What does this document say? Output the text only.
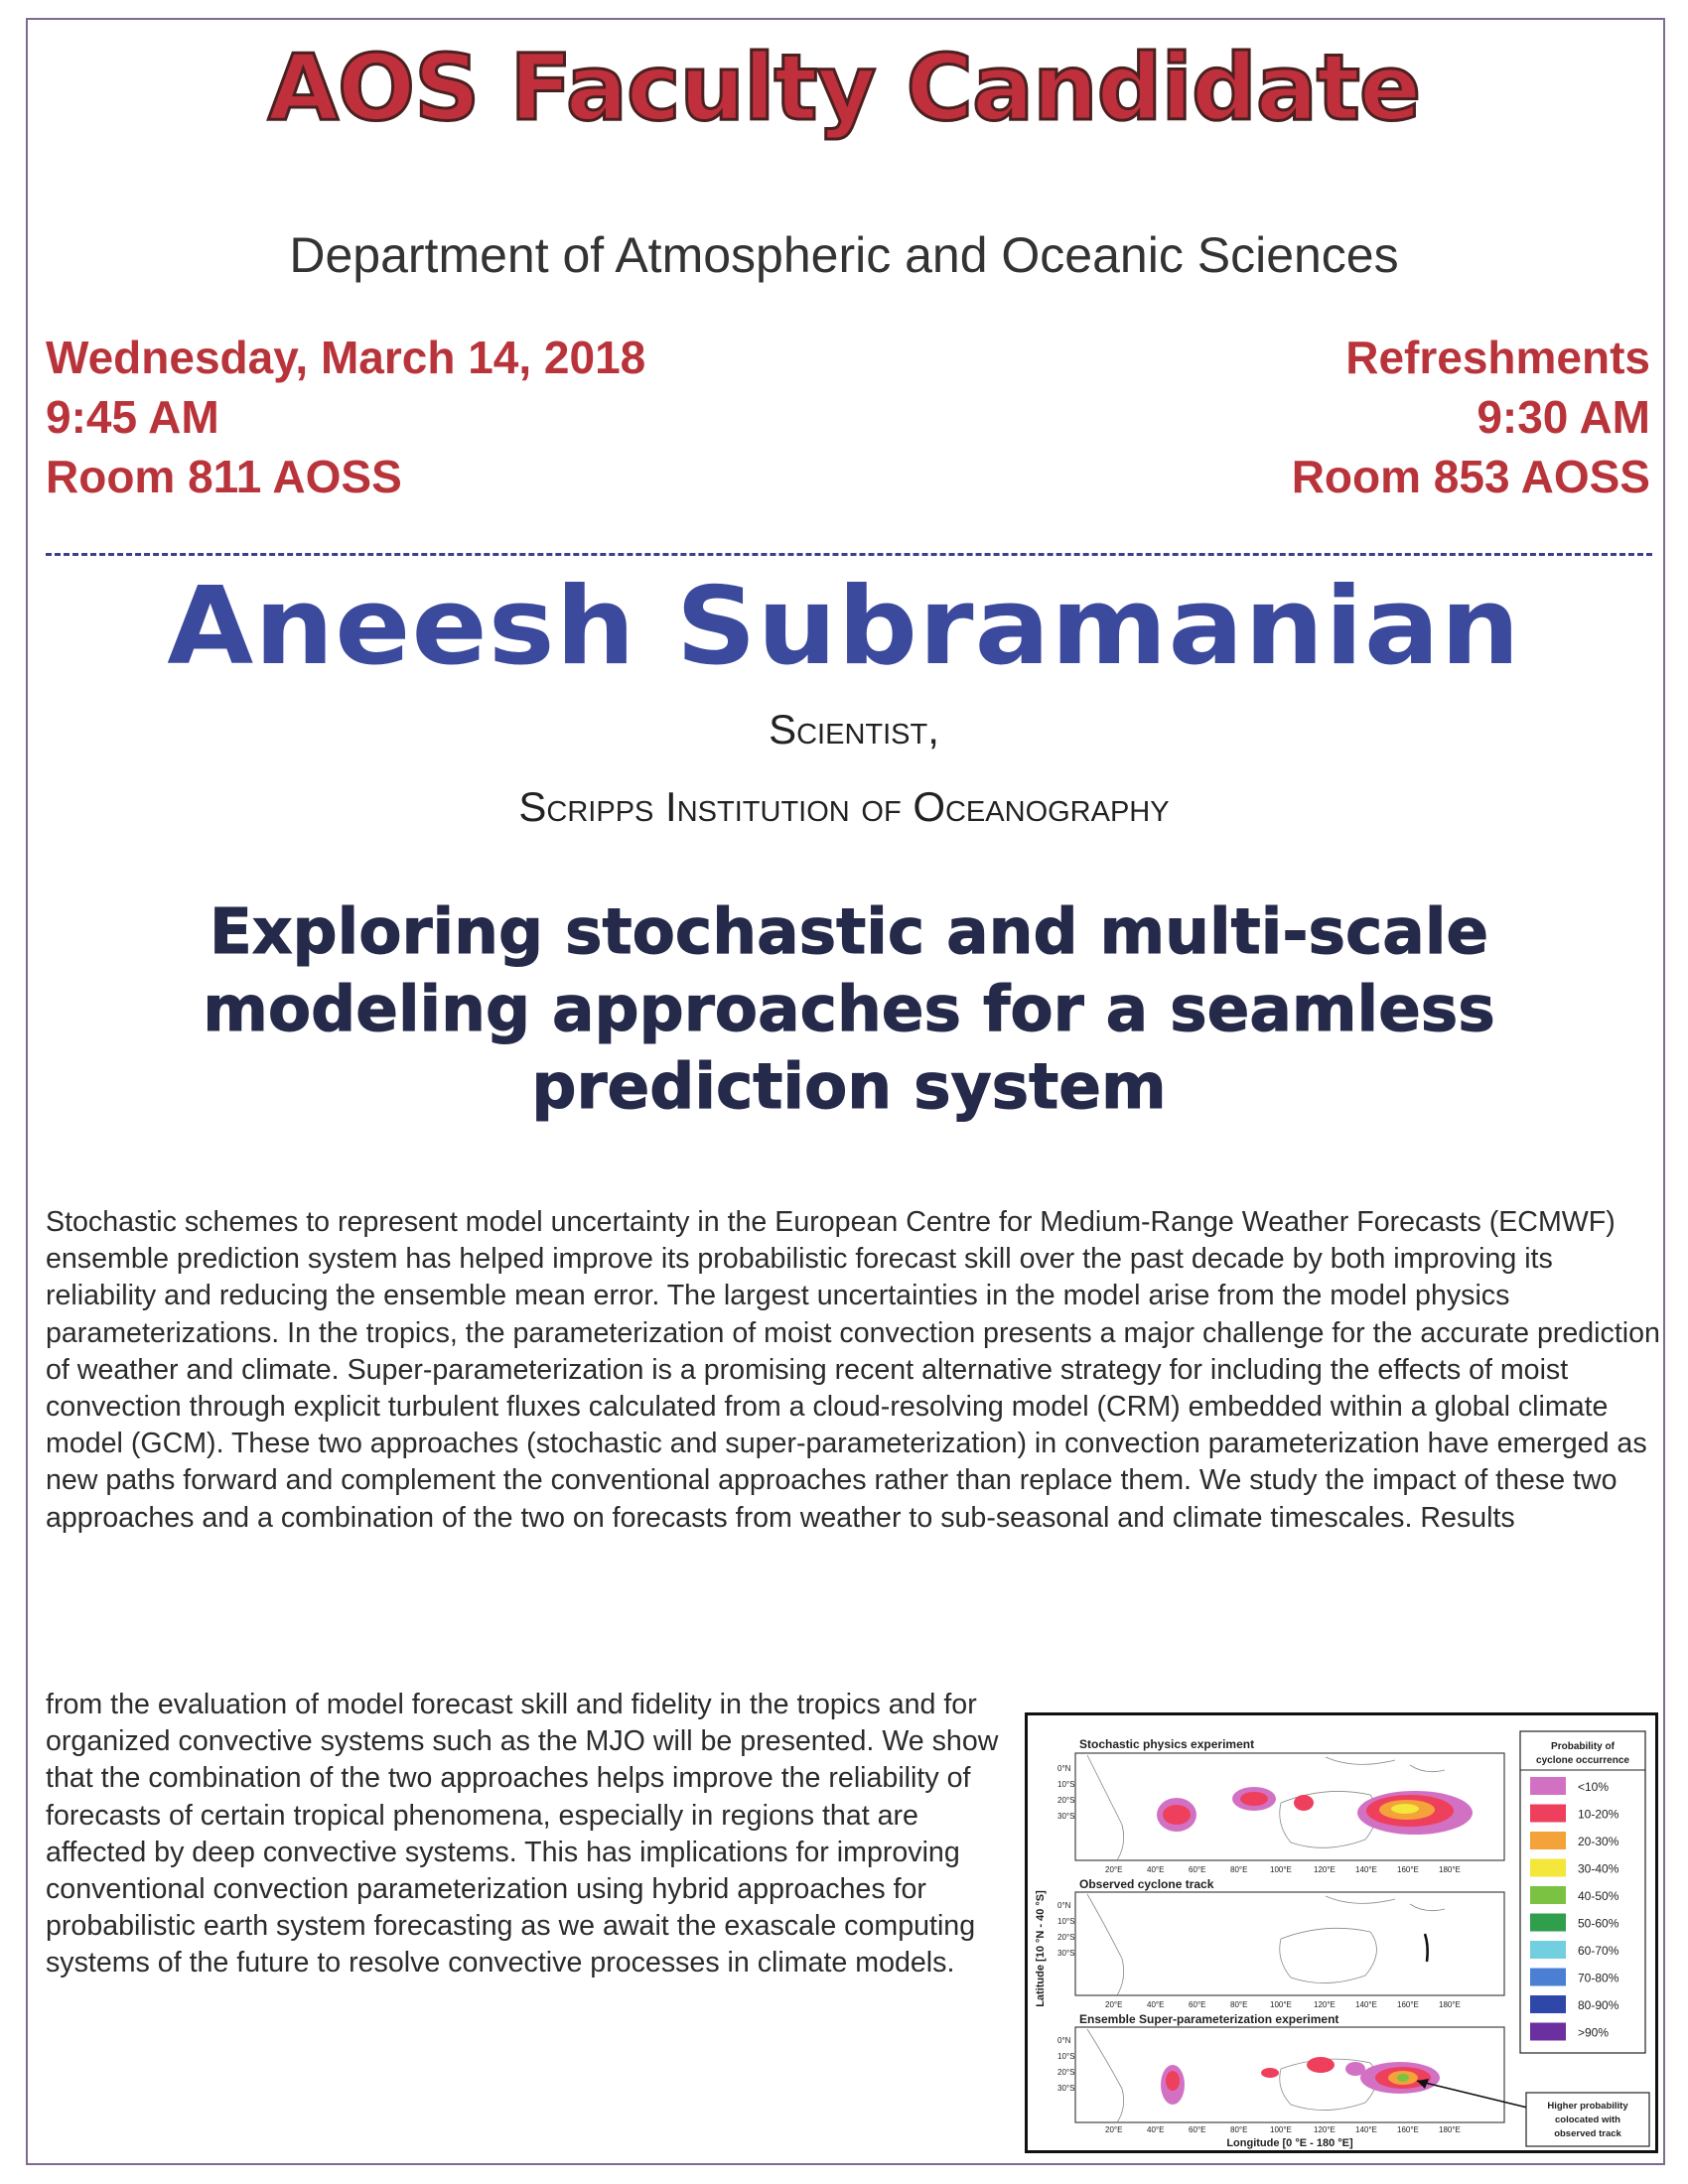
AOS Faculty Candidate
Department of Atmospheric and Oceanic Sciences
Wednesday, March 14, 2018
9:45 AM
Room 811 AOSS
Refreshments
9:30 AM
Room 853 AOSS
Aneesh Subramanian
Scientist,
Scripps Institution of Oceanography
Exploring stochastic and multi-scale modeling approaches for a seamless prediction system
Stochastic schemes to represent model uncertainty in the European Centre for Medium-Range Weather Forecasts (ECMWF) ensemble prediction system has helped improve its probabilistic forecast skill over the past decade by both improving its reliability and reducing the ensemble mean error. The largest uncertainties in the model arise from the model physics parameterizations. In the tropics, the parameterization of moist convection presents a major challenge for the accurate prediction of weather and climate. Super-parameterization is a promising recent alternative strategy for including the effects of moist convection through explicit turbulent fluxes calculated from a cloud-resolving model (CRM) embedded within a global climate model (GCM). These two approaches (stochastic and super-parameterization) in convection parameterization have emerged as new paths forward and complement the conventional approaches rather than replace them. We study the impact of these two approaches and a combination of the two on forecasts from weather to sub-seasonal and climate timescales. Results
from the evaluation of model forecast skill and fidelity in the tropics and for organized convective systems such as the MJO will be presented. We show that the combination of the two approaches helps improve the reliability of forecasts of certain tropical phenomena, especially in regions that are affected by deep convective systems. This has implications for improving conventional convection parameterization using hybrid approaches for probabilistic earth system forecasting as we await the exascale computing systems of the future to resolve convective processes in climate models.	Latitude [10 °N - 40 °S]
Stochastic physics experiment
0°N
10°S
20°S
30°S
20°E	40°E	60°E	80°E	100°E	120°E	140°E	160°E	180°E
Observed cyclone track
0°N
10°S
20°S
30°S
20°E	40°E	60°E	80°E	100°E	120°E	140°E	160°E	180°E
Ensemble Super-parameterization experiment
0°N
10°S
20°S
30°S
20°E	40°E	60°E	80°E	100°E	120°E	140°E	160°E	180°E
Longitude [0 °E - 180 °E]
Probability of
cyclone occurrence
<10%
10-20%
20-30%
30-40%
40-50%
50-60%
60-70%
70-80%
80-90%
>90%
Higher probability
colocated with
observed track
